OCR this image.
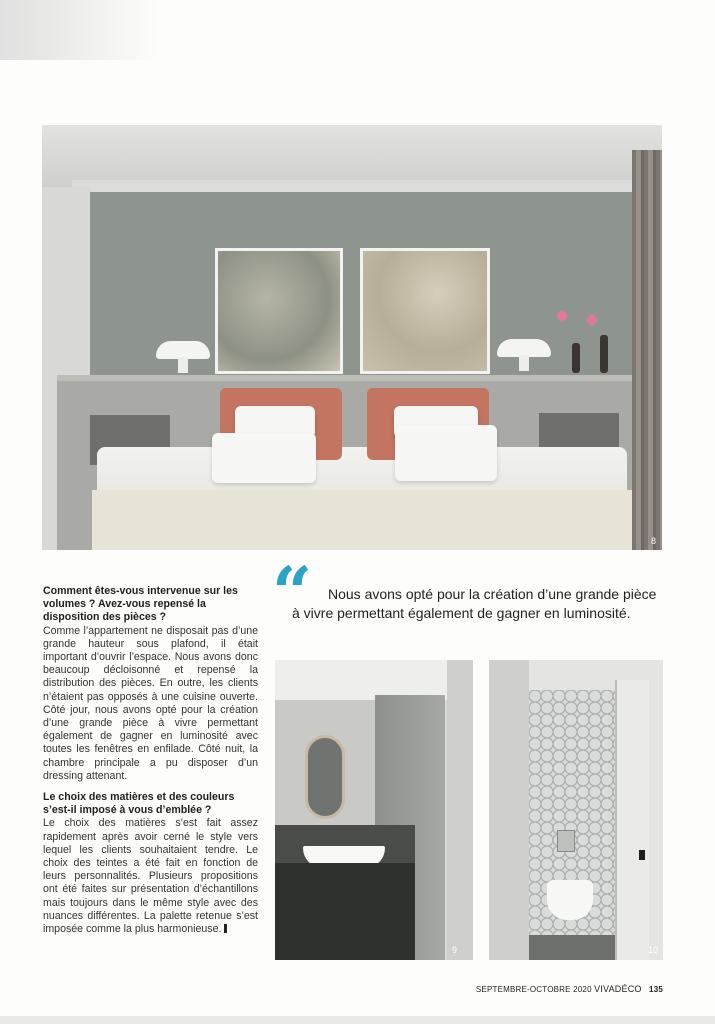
8
Comment êtes-vous intervenue sur les volumes ? Avez-vous repensé la disposition des pièces ?

Comme l’appartement ne disposait pas d’une grande hauteur sous plafond, il était important d’ouvrir l’espace. Nous avons donc beaucoup décloisonné et repensé la distribution des pièces. En outre, les clients n’étaient pas opposés à une cuisine ouverte. Côté jour, nous avons opté pour la création d’une grande pièce à vivre permettant également de gagner en luminosité avec toutes les fenêtres en enfilade. Côté nuit, la chambre principale a pu disposer d’un dressing attenant.

Le choix des matières et des couleurs s’est-il imposé à vous d’emblée ?

Le choix des matières s’est fait assez rapidement après avoir cerné le style vers lequel les clients souhaitaient tendre. Le choix des teintes a été fait en fonction de leurs personnalités. Plusieurs propositions ont été faites sur présentation d’échantillons mais toujours dans le même style avec des nuances différentes. La palette retenue s’est imposée comme la plus harmonieuse.

“	Nous avons opté pour la création d’une grande pièce à vivre permettant également de gagner en luminosité.
9	10
SEPTEMBRE-OCTOBRE 2020 VIVADÉCO 135
